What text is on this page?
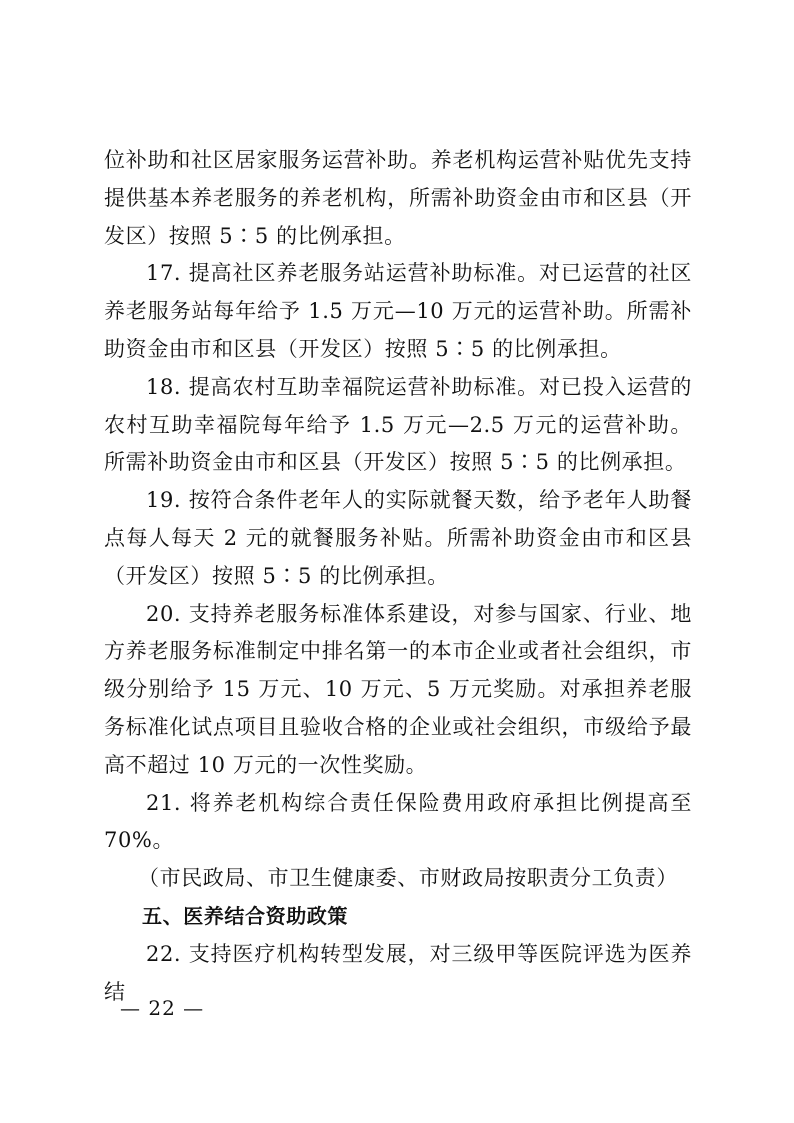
位补助和社区居家服务运营补助。养老机构运营补贴优先支持提供基本养老服务的养老机构，所需补助资金由市和区县（开发区）按照 5∶5 的比例承担。

17. 提高社区养老服务站运营补助标准。对已运营的社区养老服务站每年给予 1.5 万元—10 万元的运营补助。所需补助资金由市和区县（开发区）按照 5∶5 的比例承担。

18. 提高农村互助幸福院运营补助标准。对已投入运营的农村互助幸福院每年给予 1.5 万元—2.5 万元的运营补助。所需补助资金由市和区县（开发区）按照 5∶5 的比例承担。

19. 按符合条件老年人的实际就餐天数，给予老年人助餐点每人每天 2 元的就餐服务补贴。所需补助资金由市和区县（开发区）按照 5∶5 的比例承担。

20. 支持养老服务标准体系建设，对参与国家、行业、地方养老服务标准制定中排名第一的本市企业或者社会组织，市级分别给予 15 万元、10 万元、5 万元奖励。对承担养老服务标准化试点项目且验收合格的企业或社会组织，市级给予最高不超过 10 万元的一次性奖励。

21. 将养老机构综合责任保险费用政府承担比例提高至 70%。

（市民政局、市卫生健康委、市财政局按职责分工负责）

五、医养结合资助政策

22. 支持医疗机构转型发展，对三级甲等医院评选为医养结

— 22 —
